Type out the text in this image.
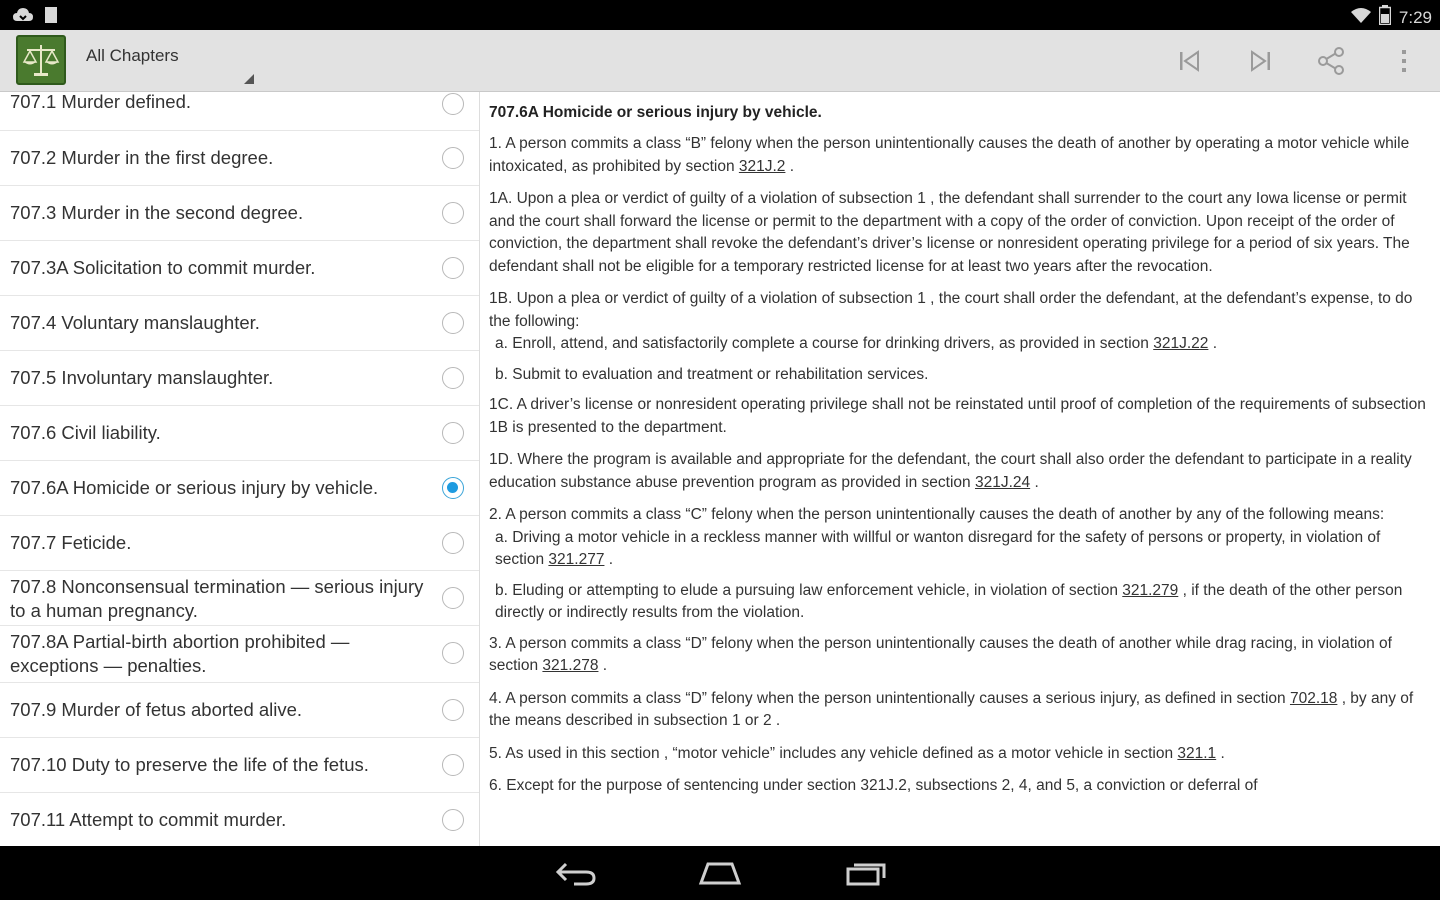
7:29
All Chapters
707.1 Murder defined.
707.2 Murder in the first degree.
707.3 Murder in the second degree.
707.3A Solicitation to commit murder.
707.4 Voluntary manslaughter.
707.5 Involuntary manslaughter.
707.6 Civil liability.
707.6A Homicide or serious injury by vehicle.
707.7 Feticide.
707.8 Nonconsensual termination — serious injury to a human pregnancy.
707.8A Partial-birth abortion prohibited — exceptions — penalties.
707.9 Murder of fetus aborted alive.
707.10 Duty to preserve the life of the fetus.
707.11 Attempt to commit murder.
707.6A Homicide or serious injury by vehicle.

1. A person commits a class “B” felony when the person unintentionally causes the death of another by operating a motor vehicle while intoxicated, as prohibited by section 321J.2 .

1A. Upon a plea or verdict of guilty of a violation of subsection 1 , the defendant shall surrender to the court any Iowa license or permit and the court shall forward the license or permit to the department with a copy of the order of conviction. Upon receipt of the order of conviction, the department shall revoke the defendant’s driver’s license or nonresident operating privilege for a period of six years. The defendant shall not be eligible for a temporary restricted license for at least two years after the revocation.

1B. Upon a plea or verdict of guilty of a violation of subsection 1 , the court shall order the defendant, at the defendant’s expense, to do the following:

a. Enroll, attend, and satisfactorily complete a course for drinking drivers, as provided in section 321J.22 .

b. Submit to evaluation and treatment or rehabilitation services.

1C. A driver’s license or nonresident operating privilege shall not be reinstated until proof of completion of the requirements of subsection 1B is presented to the department.

1D. Where the program is available and appropriate for the defendant, the court shall also order the defendant to participate in a reality education substance abuse prevention program as provided in section 321J.24 .

2. A person commits a class “C” felony when the person unintentionally causes the death of another by any of the following means:

a. Driving a motor vehicle in a reckless manner with willful or wanton disregard for the safety of persons or property, in violation of section 321.277 .

b. Eluding or attempting to elude a pursuing law enforcement vehicle, in violation of section 321.279 , if the death of the other person directly or indirectly results from the violation.

3. A person commits a class “D” felony when the person unintentionally causes the death of another while drag racing, in violation of section 321.278 .

4. A person commits a class “D” felony when the person unintentionally causes a serious injury, as defined in section 702.18 , by any of the means described in subsection 1 or 2 .

5. As used in this section , “motor vehicle” includes any vehicle defined as a motor vehicle in section 321.1 .

6. Except for the purpose of sentencing under section 321J.2, subsections 2, 4, and 5, a conviction or deferral of
